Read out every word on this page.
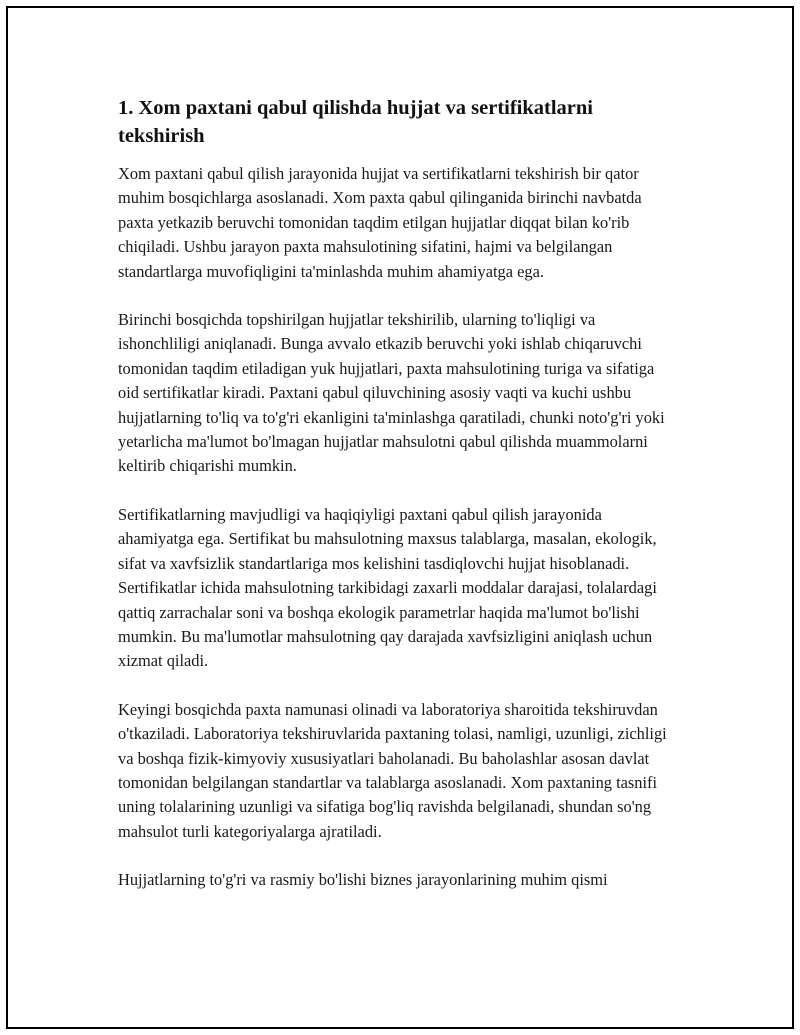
1. Xom paxtani qabul qilishda hujjat va sertifikatlarni tekshirish

Xom paxtani qabul qilish jarayonida hujjat va sertifikatlarni tekshirish bir qator muhim bosqichlarga asoslanadi. Xom paxta qabul qilinganida birinchi navbatda paxta yetkazib beruvchi tomonidan taqdim etilgan hujjatlar diqqat bilan ko'rib chiqiladi. Ushbu jarayon paxta mahsulotining sifatini, hajmi va belgilangan standartlarga muvofiqligini ta'minlashda muhim ahamiyatga ega.

Birinchi bosqichda topshirilgan hujjatlar tekshirilib, ularning to'liqligi va ishonchliligi aniqlanadi. Bunga avvalo etkazib beruvchi yoki ishlab chiqaruvchi tomonidan taqdim etiladigan yuk hujjatlari, paxta mahsulotining turiga va sifatiga oid sertifikatlar kiradi. Paxtani qabul qiluvchining asosiy vaqti va kuchi ushbu hujjatlarning to'liq va to'g'ri ekanligini ta'minlashga qaratiladi, chunki noto'g'ri yoki yetarlicha ma'lumot bo'lmagan hujjatlar mahsulotni qabul qilishda muammolarni keltirib chiqarishi mumkin.

Sertifikatlarning mavjudligi va haqiqiyligi paxtani qabul qilish jarayonida ahamiyatga ega. Sertifikat bu mahsulotning maxsus talablarga, masalan, ekologik, sifat va xavfsizlik standartlariga mos kelishini tasdiqlovchi hujjat hisoblanadi. Sertifikatlar ichida mahsulotning tarkibidagi zaxarli moddalar darajasi, tolalardagi qattiq zarrachalar soni va boshqa ekologik parametrlar haqida ma'lumot bo'lishi mumkin. Bu ma'lumotlar mahsulotning qay darajada xavfsizligini aniqlash uchun xizmat qiladi.

Keyingi bosqichda paxta namunasi olinadi va laboratoriya sharoitida tekshiruvdan o'tkaziladi. Laboratoriya tekshiruvlarida paxtaning tolasi, namligi, uzunligi, zichligi va boshqa fizik-kimyoviy xususiyatlari baholanadi. Bu baholashlar asosan davlat tomonidan belgilangan standartlar va talablarga asoslanadi. Xom paxtaning tasnifi uning tolalarining uzunligi va sifatiga bog'liq ravishda belgilanadi, shundan so'ng mahsulot turli kategoriyalarga ajratiladi.

Hujjatlarning to'g'ri va rasmiy bo'lishi biznes jarayonlarining muhim qismi
